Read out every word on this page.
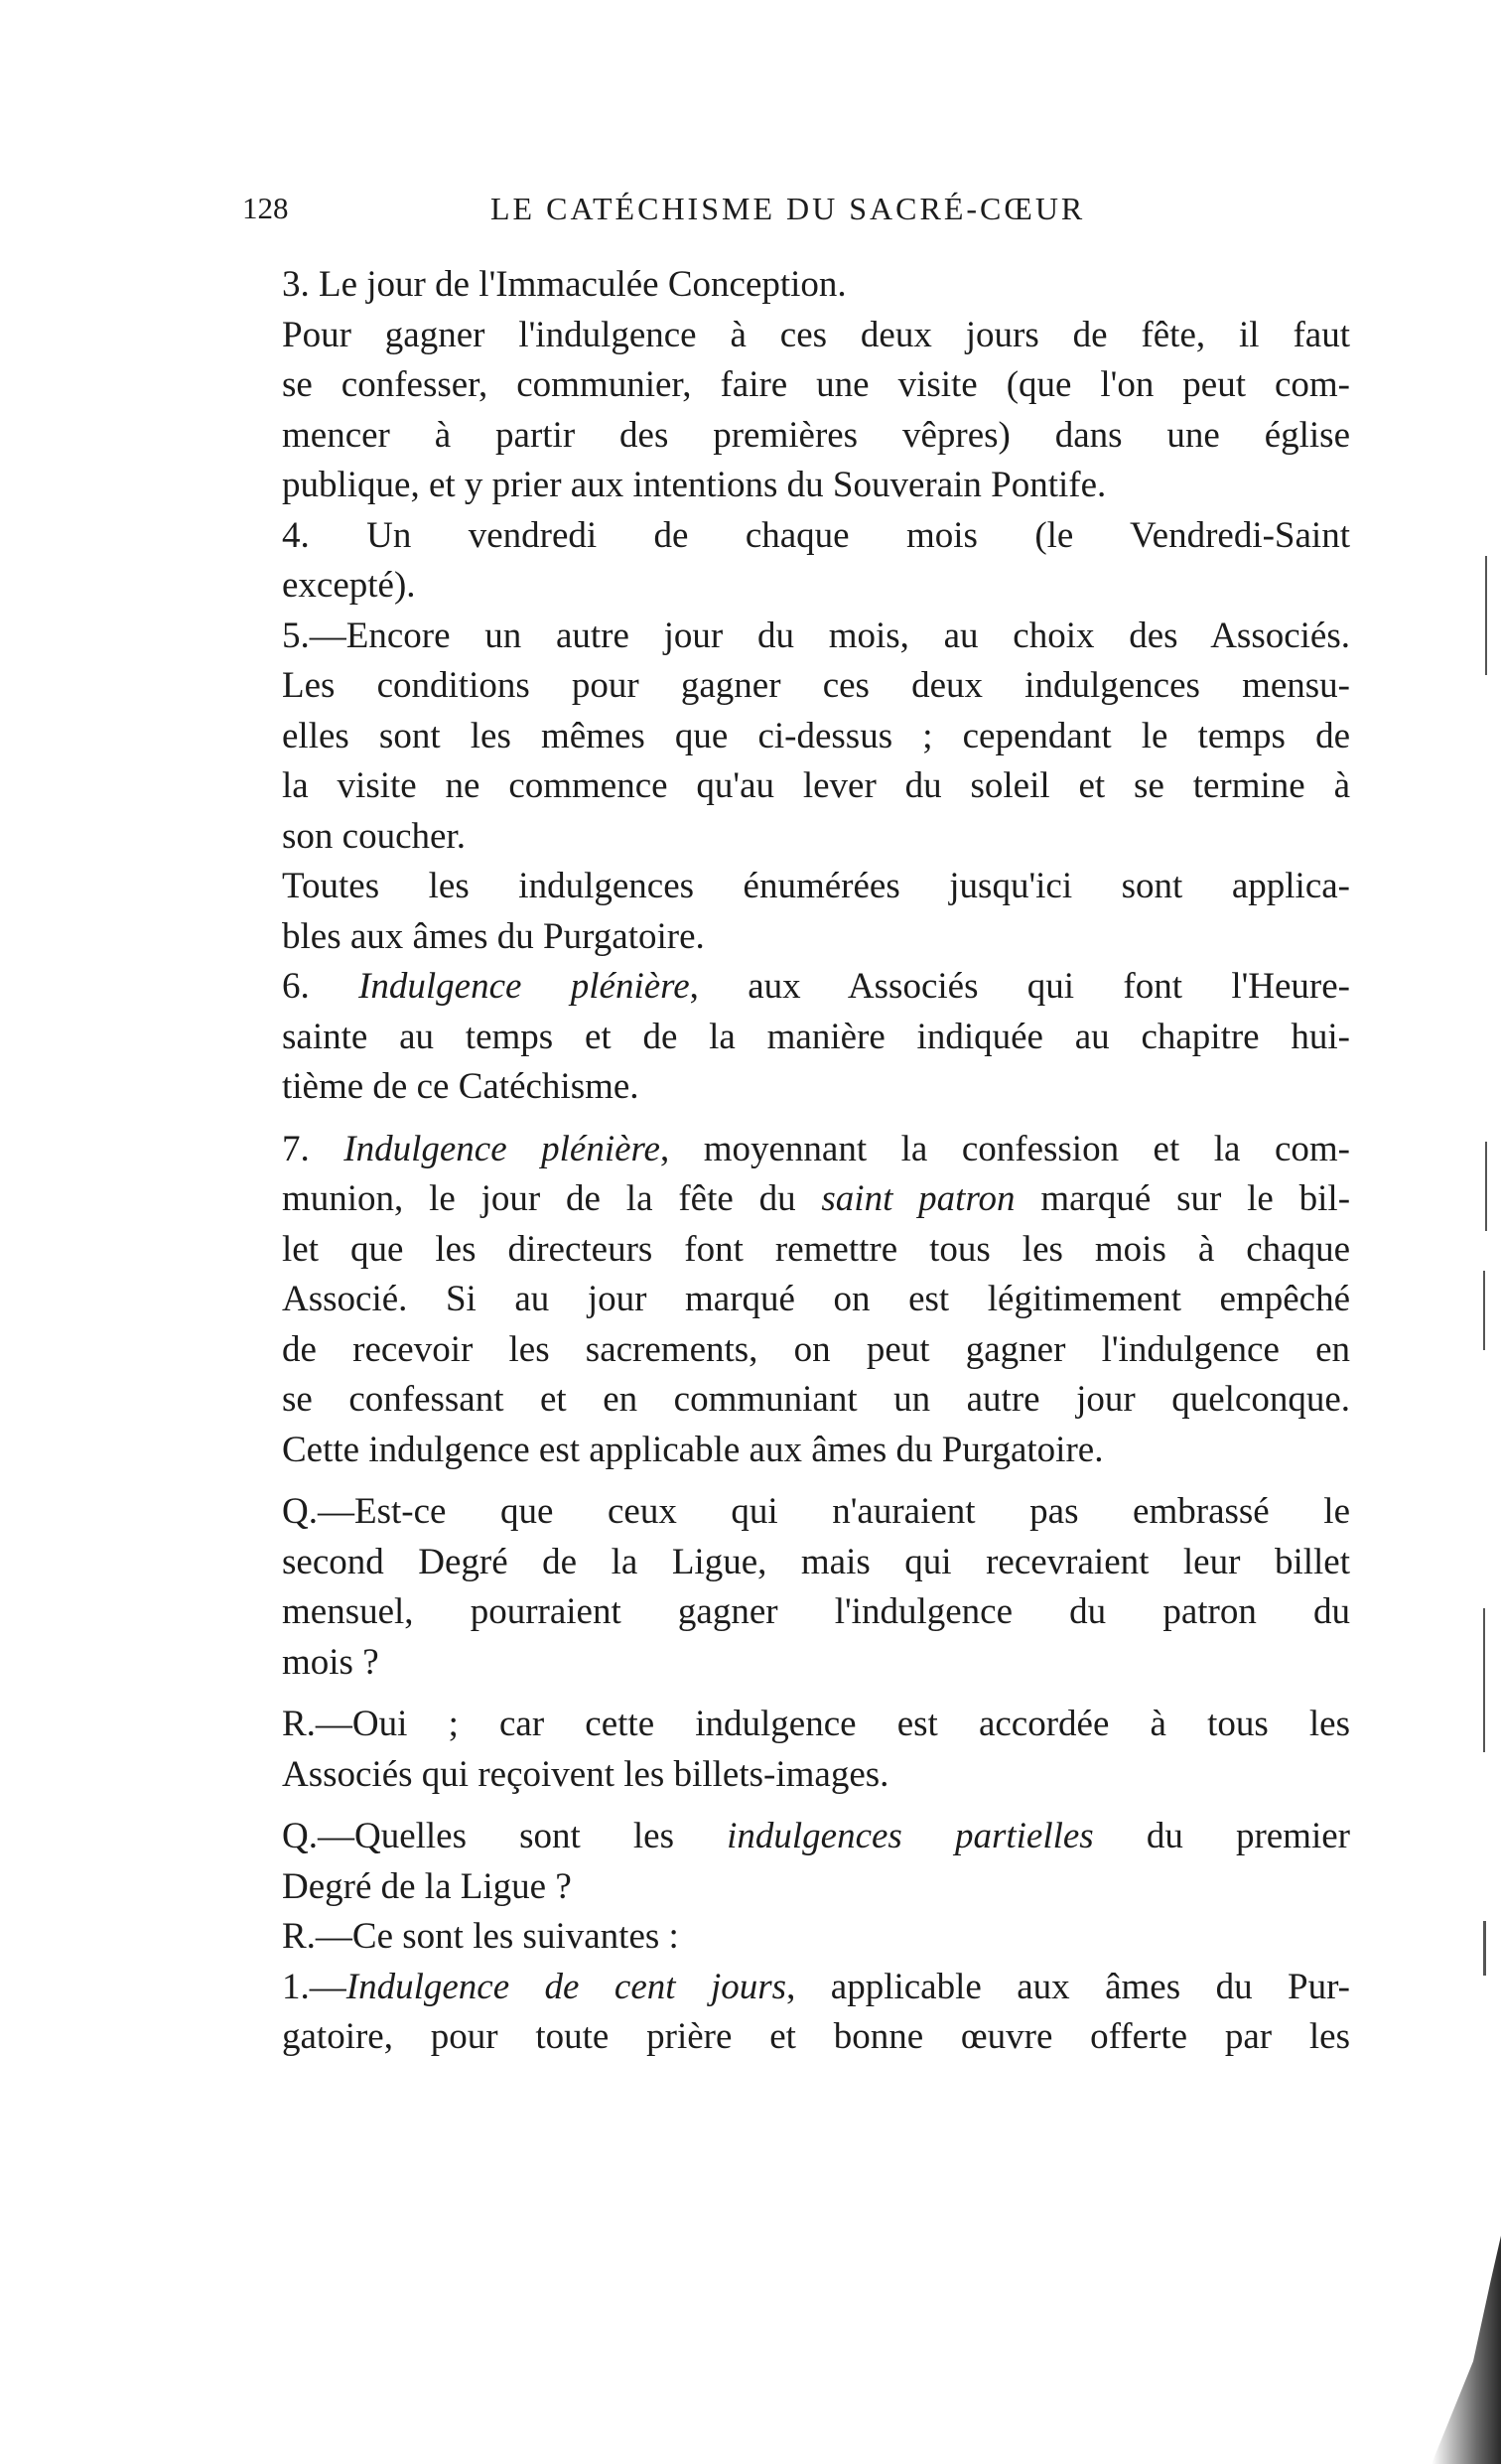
128	LE CATÉCHISME DU SACRÉ-CŒUR
3. Le jour de l'Immaculée Conception.
Pour gagner l'indulgence à ces deux jours de fête, il faut
se confesser, communier, faire une visite (que l'on peut com-
mencer à partir des premières vêpres) dans une église
publique, et y prier aux intentions du Souverain Pontife.
4. Un vendredi de chaque mois (le Vendredi-Saint
excepté).
5.—Encore un autre jour du mois, au choix des Associés.
Les conditions pour gagner ces deux indulgences mensu-
elles sont les mêmes que ci-dessus ; cependant le temps de
la visite ne commence qu'au lever du soleil et se termine à
son coucher.
Toutes les indulgences énumérées jusqu'ici sont applica-
bles aux âmes du Purgatoire.
6. Indulgence plénière, aux Associés qui font l'Heure-
sainte au temps et de la manière indiquée au chapitre hui-
tième de ce Catéchisme.
7. Indulgence plénière, moyennant la confession et la com-
munion, le jour de la fête du saint patron marqué sur le bil-
let que les directeurs font remettre tous les mois à chaque
Associé. Si au jour marqué on est légitimement empêché
de recevoir les sacrements, on peut gagner l'indulgence en
se confessant et en communiant un autre jour quelconque.
Cette indulgence est applicable aux âmes du Purgatoire.
Q.—Est-ce que ceux qui n'auraient pas embrassé le
second Degré de la Ligue, mais qui recevraient leur billet
mensuel, pourraient gagner l'indulgence du patron du
mois ?
R.—Oui ; car cette indulgence est accordée à tous les
Associés qui reçoivent les billets-images.
Q.—Quelles sont les indulgences partielles du premier
Degré de la Ligue ?
R.—Ce sont les suivantes :
1.—Indulgence de cent jours, applicable aux âmes du Pur-
gatoire, pour toute prière et bonne œuvre offerte par les
